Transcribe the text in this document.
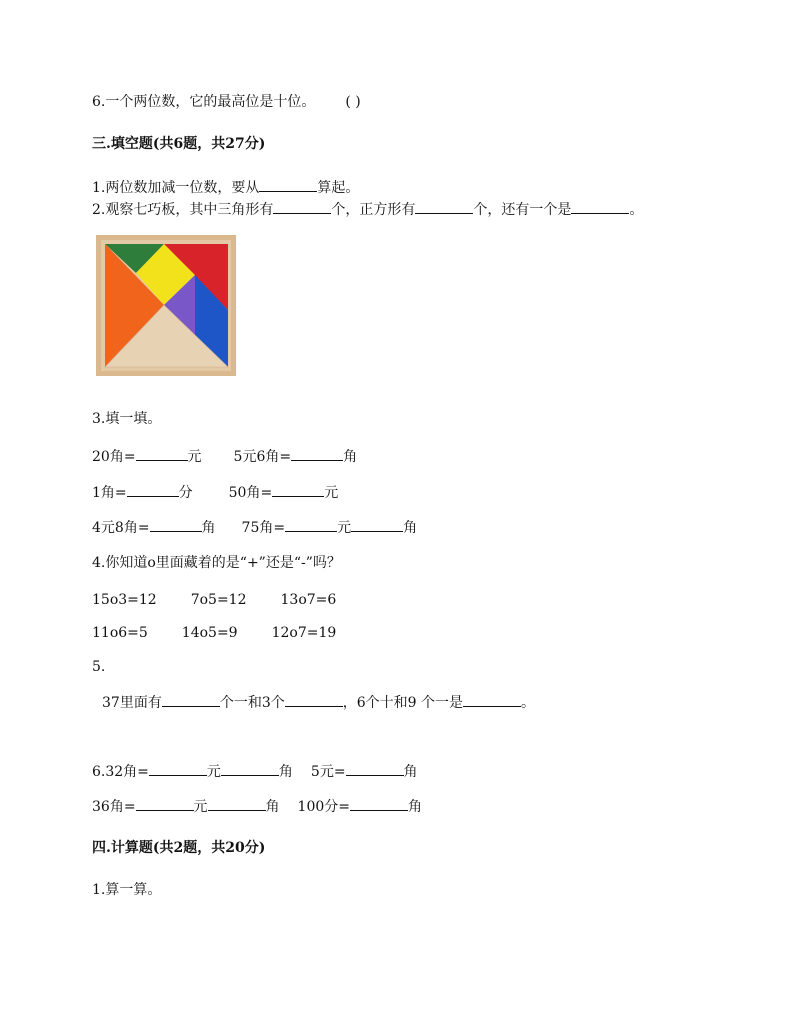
6.一个两位数，它的最高位是十位。 ( )
三.填空题(共6题，共27分)
1.两位数加减一位数，要从	算起。
2.观察七巧板，其中三角形有	个，正方形有	个，还有一个是	。
3.填一填。
20角=	元 5元6角=	角
1角=	分	50角=	元
4元8角=	角 75角=	元	角
4.你知道o里面藏着的是“+”还是“-”吗？
15o3=12 7o5=12 13o7=6
11o6=5 14o5=9 12o7=19
5.
37里面有	个一和3个	，6个十和9 个一是	。
6.32角=	元	角 5元=	角
36角=	元	角 100分=	角
四.计算题(共2题，共20分)
1.算一算。
